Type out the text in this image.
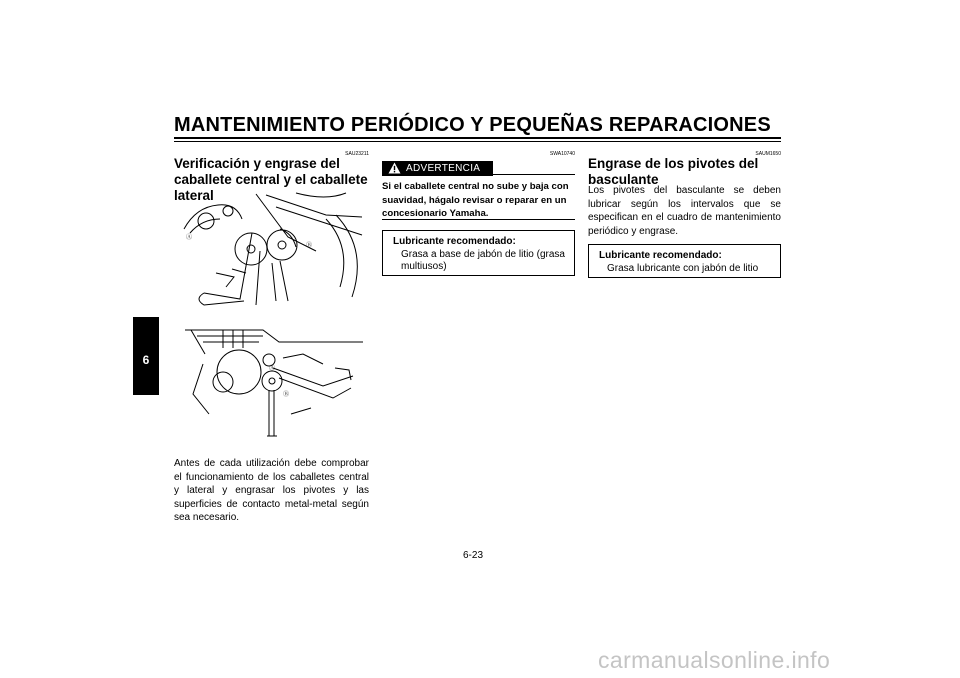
MANTENIMIENTO PERIÓDICO Y PEQUEÑAS REPARACIONES
6
SAU23211
Verificación y engrase del caballete central y el caballete lateral
Ⓐ
Ⓑ
Ⓐ
Ⓑ
Antes de cada utilización debe comprobar el funcionamiento de los caballetes central y lateral y engrasar los pivotes y las superficies de contacto metal-metal según sea necesario.
SWA10740
ADVERTENCIA
Si el caballete central no sube y baja con suavidad, hágalo revisar o reparar en un concesionario Yamaha.
Lubricante recomendado:
Grasa a base de jabón de litio (grasa multiusos)
SAUM1650
Engrase de los pivotes del basculante
Los pivotes del basculante se deben lubricar según los intervalos que se especifican en el cuadro de mantenimiento periódico y engrase.
Lubricante recomendado:
Grasa lubricante con jabón de litio
6-23
carmanualsonline.info
